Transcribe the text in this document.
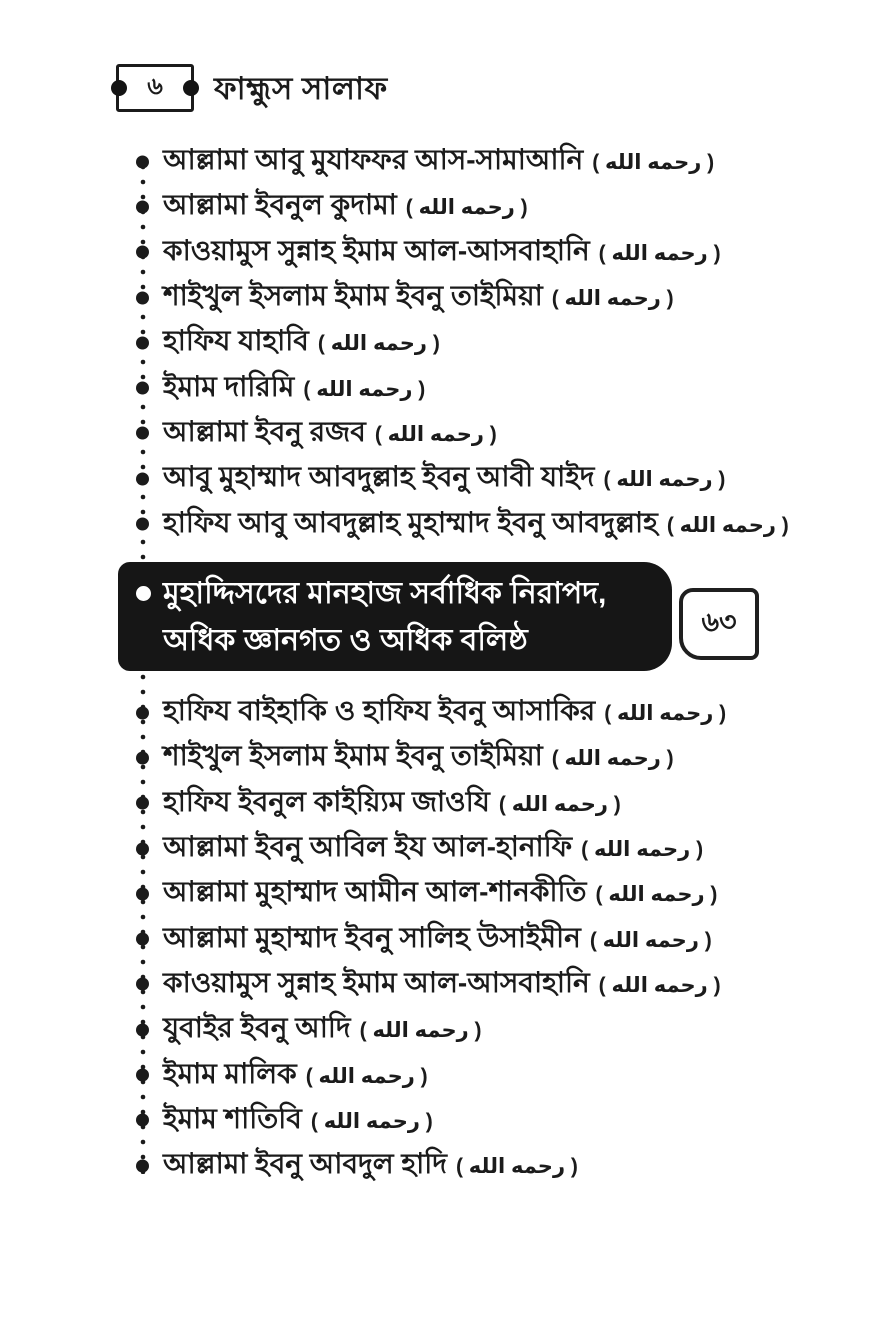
৬ ফাহ্মুস সালাফ
আল্লামা আবু মুযাফফর আস-সামাআনি ( رحمه الله )
আল্লামা ইবনুল কুদামা ( رحمه الله )
কাওয়ামুস সুন্নাহ ইমাম আল-আসবাহানি ( رحمه الله )
শাইখুল ইসলাম ইমাম ইবনু তাইমিয়া ( رحمه الله )
হাফিয যাহাবি ( رحمه الله )
ইমাম দারিমি ( رحمه الله )
আল্লামা ইবনু রজব ( رحمه الله )
আবু মুহাম্মাদ আবদুল্লাহ ইবনু আবী যাইদ ( رحمه الله )
হাফিয আবু আবদুল্লাহ মুহাম্মাদ ইবনু আবদুল্লাহ ( رحمه الله )
মুহাদ্দিসদের মানহাজ সর্বাধিক নিরাপদ,
অধিক জ্ঞানগত ও অধিক বলিষ্ঠ
৬৩
হাফিয বাইহাকি ও হাফিয ইবনু আসাকির ( رحمه الله )
শাইখুল ইসলাম ইমাম ইবনু তাইমিয়া ( رحمه الله )
হাফিয ইবনুল কাইয়্যিম জাওযি ( رحمه الله )
আল্লামা ইবনু আবিল ইয আল-হানাফি ( رحمه الله )
আল্লামা মুহাম্মাদ আমীন আল-শানকীতি ( رحمه الله )
আল্লামা মুহাম্মাদ ইবনু সালিহ উসাইমীন ( رحمه الله )
কাওয়ামুস সুন্নাহ ইমাম আল-আসবাহানি ( رحمه الله )
যুবাইর ইবনু আদি ( رحمه الله )
ইমাম মালিক ( رحمه الله )
ইমাম শাতিবি ( رحمه الله )
আল্লামা ইবনু আবদুল হাদি ( رحمه الله )
